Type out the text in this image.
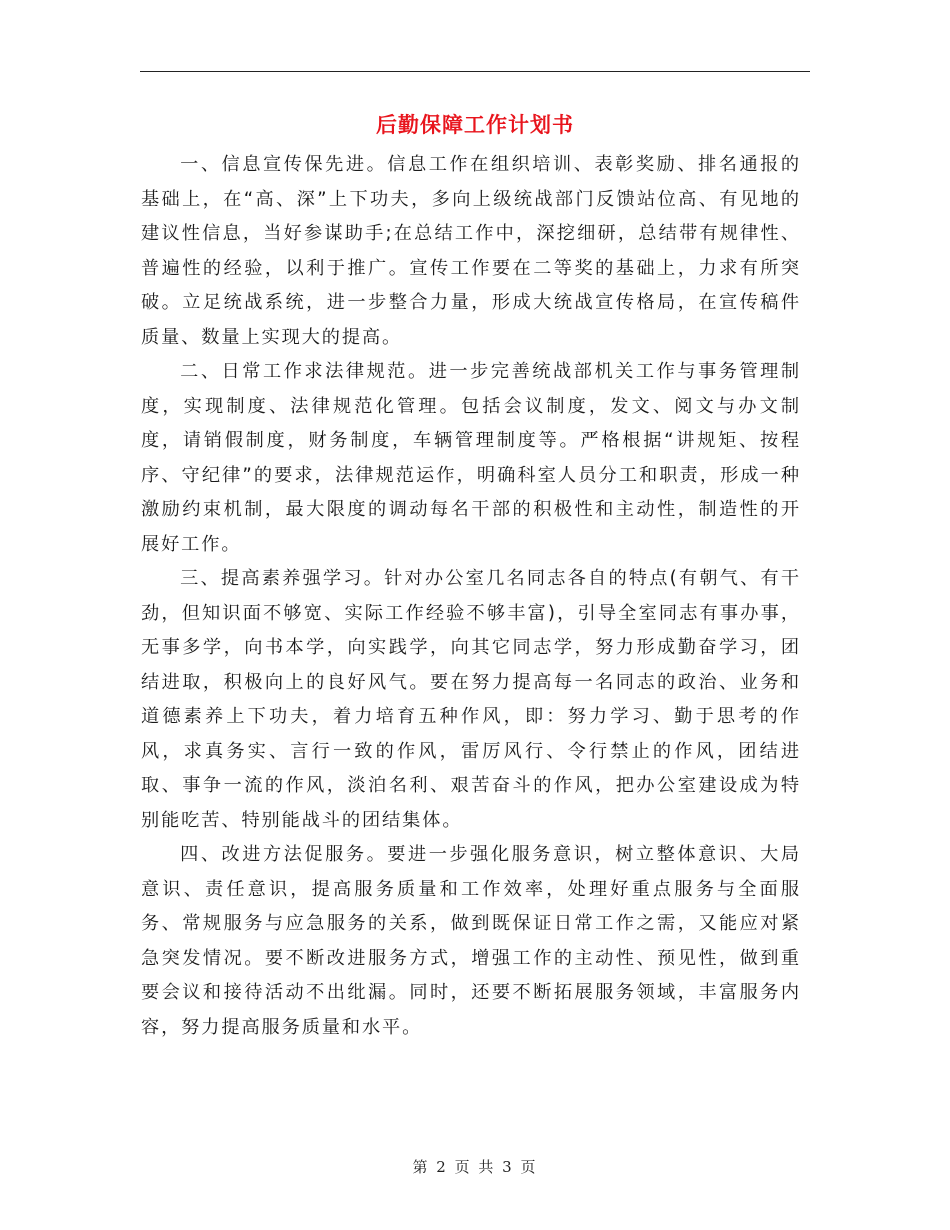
后勤保障工作计划书

一、信息宣传保先进。信息工作在组织培训、表彰奖励、排名通报的基础上，在“高、深”上下功夫，多向上级统战部门反馈站位高、有见地的建议性信息，当好参谋助手;在总结工作中，深挖细研，总结带有规律性、普遍性的经验，以利于推广。宣传工作要在二等奖的基础上，力求有所突破。立足统战系统，进一步整合力量，形成大统战宣传格局，在宣传稿件质量、数量上实现大的提高。

二、日常工作求法律规范。进一步完善统战部机关工作与事务管理制度，实现制度、法律规范化管理。包括会议制度，发文、阅文与办文制度，请销假制度，财务制度，车辆管理制度等。严格根据“讲规矩、按程序、守纪律”的要求，法律规范运作，明确科室人员分工和职责，形成一种激励约束机制，最大限度的调动每名干部的积极性和主动性，制造性的开展好工作。

三、提高素养强学习。针对办公室几名同志各自的特点(有朝气、有干劲，但知识面不够宽、实际工作经验不够丰富)，引导全室同志有事办事，无事多学，向书本学，向实践学，向其它同志学，努力形成勤奋学习，团结进取，积极向上的良好风气。要在努力提高每一名同志的政治、业务和道德素养上下功夫，着力培育五种作风，即：努力学习、勤于思考的作风，求真务实、言行一致的作风，雷厉风行、令行禁止的作风，团结进取、事争一流的作风，淡泊名利、艰苦奋斗的作风，把办公室建设成为特别能吃苦、特别能战斗的团结集体。

四、改进方法促服务。要进一步强化服务意识，树立整体意识、大局意识、责任意识，提高服务质量和工作效率，处理好重点服务与全面服务、常规服务与应急服务的关系，做到既保证日常工作之需，又能应对紧急突发情况。要不断改进服务方式，增强工作的主动性、预见性，做到重要会议和接待活动不出纰漏。同时，还要不断拓展服务领域，丰富服务内容，努力提高服务质量和水平。

第 2 页 共 3 页
